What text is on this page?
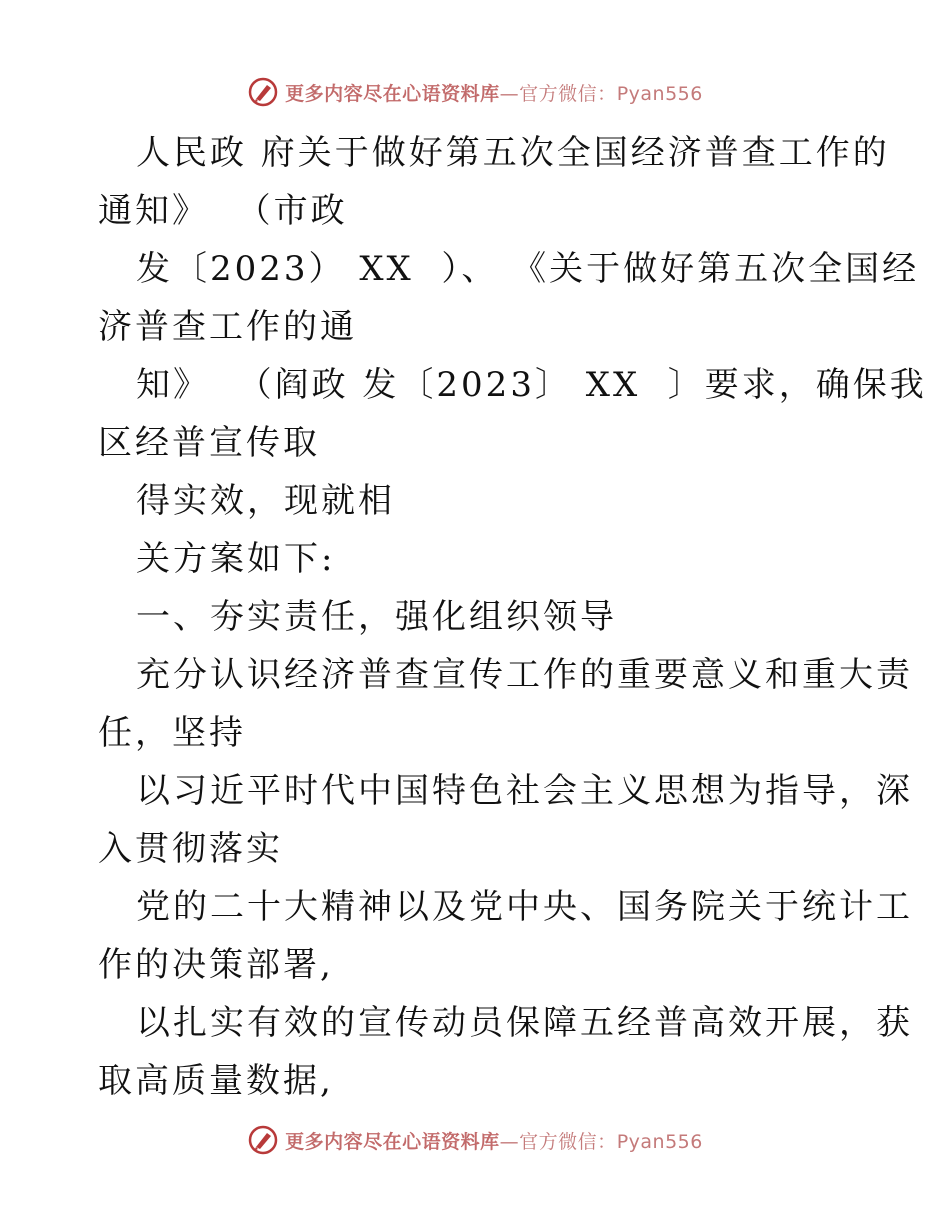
更多内容尽在心语资料库—官方微信：Pyan556
人民政 府关于做好第五次全国经济普查工作的
通知》  （市政
发〔2023） XX  ）、 《关于做好第五次全国经
济普查工作的通
知》  （阎政 发〔2023〕 XX  〕要求，确保我
区经普宣传取
得实效，现就相
关方案如下:
一、夯实责任，强化组织领导
充分认识经济普查宣传工作的重要意义和重大责
任，坚持
以习近平时代中国特色社会主义思想为指导，深
入贯彻落实
党的二十大精神以及党中央、国务院关于统计工
作的决策部署,
以扎实有效的宣传动员保障五经普高效开展，获
取高质量数据,
更多内容尽在心语资料库—官方微信：Pyan556
